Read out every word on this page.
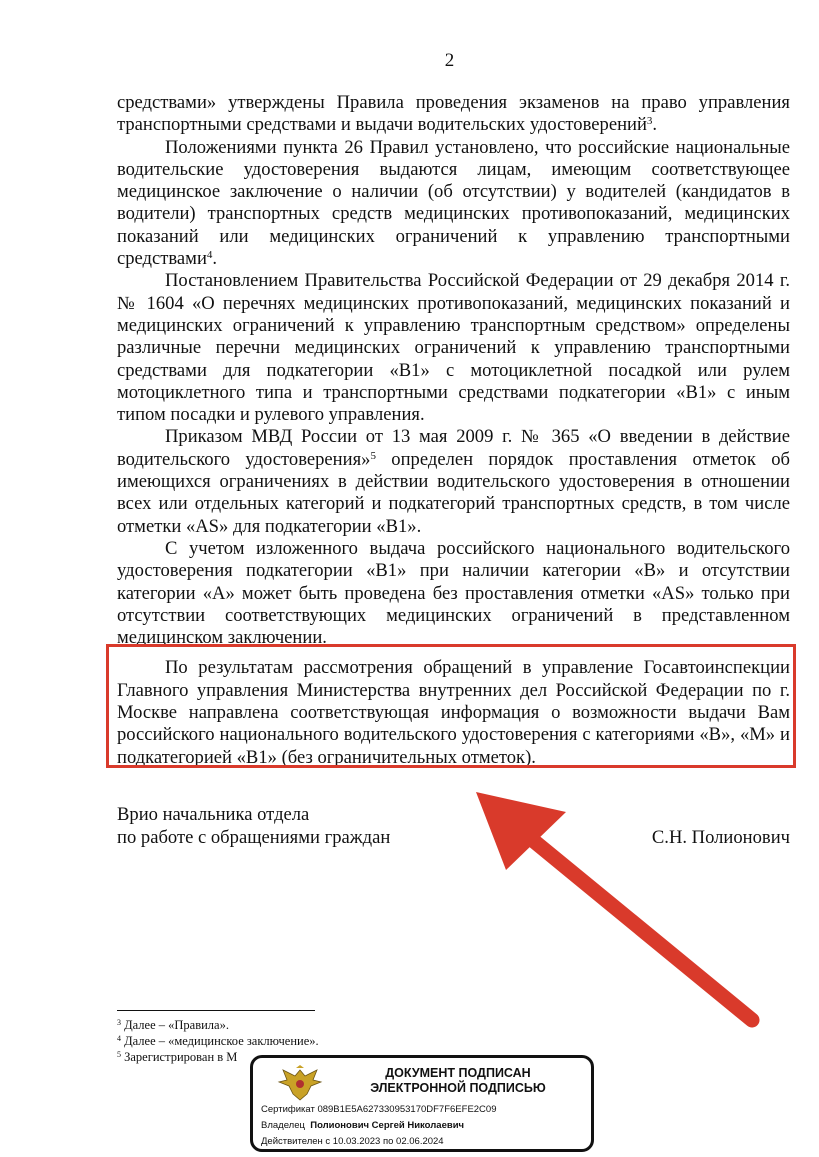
2

средствами» утверждены Правила проведения экзаменов на право управления транспортными средствами и выдачи водительских удостоверений$^3$.

Положениями пункта 26 Правил установлено, что российские национальные водительские удостоверения выдаются лицам, имеющим соответствующее медицинское заключение о наличии (об отсутствии) у водителей (кандидатов в водители) транспортных средств медицинских противопоказаний, медицинских показаний или медицинских ограничений к управлению транспортными средствами$^4$.

Постановлением Правительства Российской Федерации от 29 декабря 2014 г. № 1604 «О перечнях медицинских противопоказаний, медицинских показаний и медицинских ограничений к управлению транспортным средством» определены различные перечни медицинских ограничений к управлению транспортными средствами для подкатегории «B1» с мотоциклетной посадкой или рулем мотоциклетного типа и транспортными средствами подкатегории «B1» с иным типом посадки и рулевого управления.

Приказом МВД России от 13 мая 2009 г. № 365 «О введении в действие водительского удостоверения»$^5$ определен порядок проставления отметок об имеющихся ограничениях в действии водительского удостоверения в отношении всех или отдельных категорий и подкатегорий транспортных средств, в том числе отметки «AS» для подкатегории «B1».

С учетом изложенного выдача российского национального водительского удостоверения подкатегории «B1» при наличии категории «B» и отсутствии категории «A» может быть проведена без проставления отметки «AS» только при отсутствии соответствующих медицинских ограничений в представленном медицинском заключении.

По результатам рассмотрения обращений в управление Госавтоинспекции Главного управления Министерства внутренних дел Российской Федерации по г. Москве направлена соответствующая информация о возможности выдачи Вам российского национального водительского удостоверения с категориями «B», «M» и подкатегорией «B1» (без ограничительных отметок).

Врио начальника отдела
по работе с обращениями граждан	С.Н. Полионович

$^3$ Далее – «Правила».

$^4$ Далее – «медицинское заключение».

$^5$ Зарегистрирован в М

ДОКУМЕНТ ПОДПИСАН
ЭЛЕКТРОННОЙ ПОДПИСЬЮ
Сертификат 089B1E5A627330953170DF7F6EFE2C09
Владелец Полионович Сергей Николаевич
Действителен с 10.03.2023 по 02.06.2024
